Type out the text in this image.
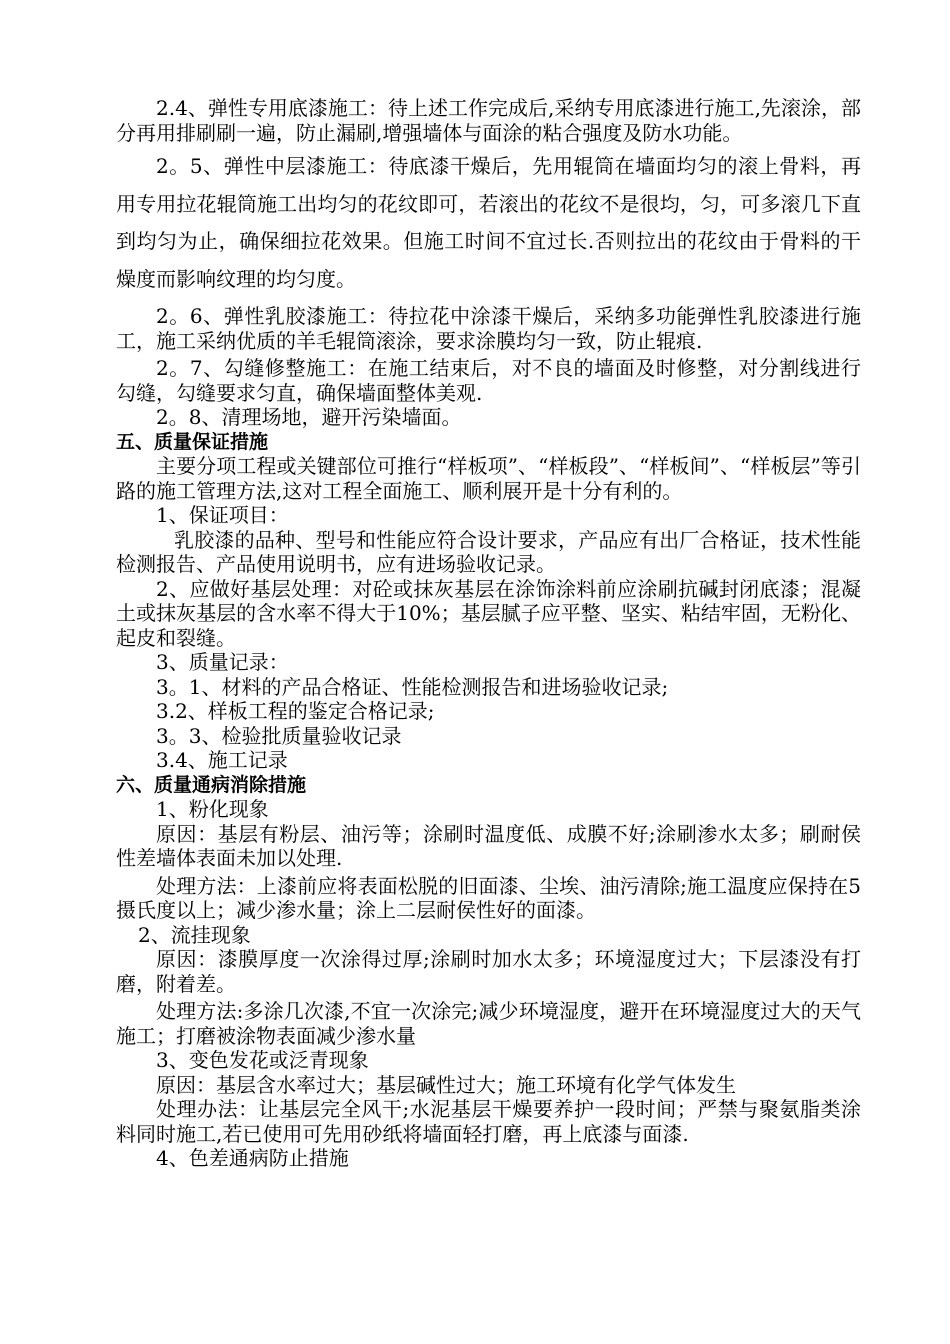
2.4、弹性专用底漆施工：待上述工作完成后,采纳专用底漆进行施工,先滚涂，部分再用排刷刷一遍，防止漏刷,增强墙体与面涂的粘合强度及防水功能。

2。5、弹性中层漆施工：待底漆干燥后，先用辊筒在墙面均匀的滚上骨料，再用专用拉花辊筒施工出均匀的花纹即可，若滚出的花纹不是很均，匀，可多滚几下直到均匀为止，确保细拉花效果。但施工时间不宜过长.否则拉出的花纹由于骨料的干燥度而影响纹理的均匀度。

2。6、弹性乳胶漆施工：待拉花中涂漆干燥后，采纳多功能弹性乳胶漆进行施工，施工采纳优质的羊毛辊筒滚涂，要求涂膜均匀一致，防止辊痕.

2。7、勾缝修整施工：在施工结束后，对不良的墙面及时修整，对分割线进行勾缝，勾缝要求匀直，确保墙面整体美观.

2。8、清理场地，避开污染墙面。

五、质量保证措施

主要分项工程或关键部位可推行“样板项”、“样板段”、“样板间”、“样板层”等引路的施工管理方法,这对工程全面施工、顺利展开是十分有利的。

1、保证项目：

乳胶漆的品种、型号和性能应符合设计要求，产品应有出厂合格证，技术性能检测报告、产品使用说明书，应有进场验收记录。

2、应做好基层处理：对砼或抹灰基层在涂饰涂料前应涂刷抗碱封闭底漆；混凝土或抹灰基层的含水率不得大于10%；基层腻子应平整、坚实、粘结牢固，无粉化、起皮和裂缝。

3、质量记录：

3。1、材料的产品合格证、性能检测报告和进场验收记录;

3.2、样板工程的鉴定合格记录;

3。3、检验批质量验收记录

3.4、施工记录

六、质量通病消除措施

1、粉化现象

原因：基层有粉层、油污等；涂刷时温度低、成膜不好;涂刷渗水太多；刷耐侯性差墙体表面未加以处理.

处理方法：上漆前应将表面松脱的旧面漆、尘埃、油污清除;施工温度应保持在5摄氏度以上；减少渗水量；涂上二层耐侯性好的面漆。

2、流挂现象

原因：漆膜厚度一次涂得过厚;涂刷时加水太多；环境湿度过大；下层漆没有打磨，附着差。

处理方法:多涂几次漆,不宜一次涂完;减少环境湿度，避开在环境湿度过大的天气施工；打磨被涂物表面减少渗水量

3、变色发花或泛青现象

原因：基层含水率过大；基层碱性过大；施工环境有化学气体发生

处理办法：让基层完全风干;水泥基层干燥要养护一段时间；严禁与聚氨脂类涂料同时施工,若已使用可先用砂纸将墙面轻打磨，再上底漆与面漆.

4、色差通病防止措施
